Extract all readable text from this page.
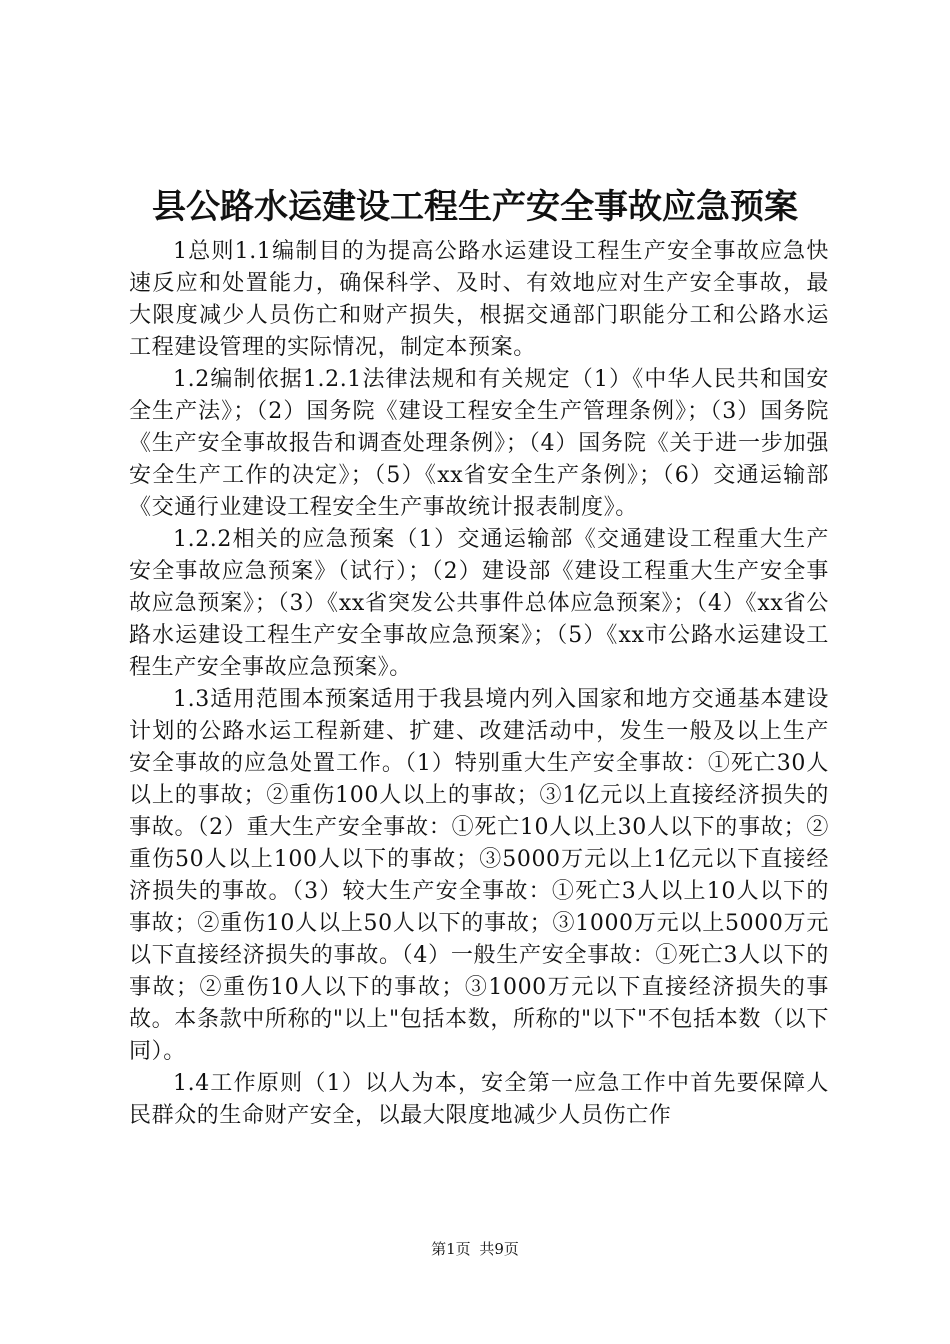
县公路水运建设工程生产安全事故应急预案

1总则1.1编制目的为提高公路水运建设工程生产安全事故应急快速反应和处置能力，确保科学、及时、有效地应对生产安全事故，最大限度减少人员伤亡和财产损失，根据交通部门职能分工和公路水运工程建设管理的实际情况，制定本预案。

1.2编制依据1.2.1法律法规和有关规定（1）《中华人民共和国安全生产法》；（2）国务院《建设工程安全生产管理条例》；（3）国务院《生产安全事故报告和调查处理条例》；（4）国务院《关于进一步加强安全生产工作的决定》；（5）《xx省安全生产条例》；（6）交通运输部《交通行业建设工程安全生产事故统计报表制度》。

1.2.2相关的应急预案（1）交通运输部《交通建设工程重大生产安全事故应急预案》（试行）；（2）建设部《建设工程重大生产安全事故应急预案》；（3）《xx省突发公共事件总体应急预案》；（4）《xx省公路水运建设工程生产安全事故应急预案》；（5）《xx市公路水运建设工程生产安全事故应急预案》。

1.3适用范围本预案适用于我县境内列入国家和地方交通基本建设计划的公路水运工程新建、扩建、改建活动中，发生一般及以上生产安全事故的应急处置工作。（1）特别重大生产安全事故：①死亡30人以上的事故；②重伤100人以上的事故；③1亿元以上直接经济损失的事故。（2）重大生产安全事故：①死亡10人以上30人以下的事故；②重伤50人以上100人以下的事故；③5000万元以上1亿元以下直接经济损失的事故。（3）较大生产安全事故：①死亡3人以上10人以下的事故；②重伤10人以上50人以下的事故；③1000万元以上5000万元以下直接经济损失的事故。（4）一般生产安全事故：①死亡3人以下的事故；②重伤10人以下的事故；③1000万元以下直接经济损失的事故。本条款中所称的"以上"包括本数，所称的"以下"不包括本数（以下同）。

1.4工作原则（1）以人为本，安全第一应急工作中首先要保障人民群众的生命财产安全，以最大限度地减少人员伤亡作

第1页 共9页
